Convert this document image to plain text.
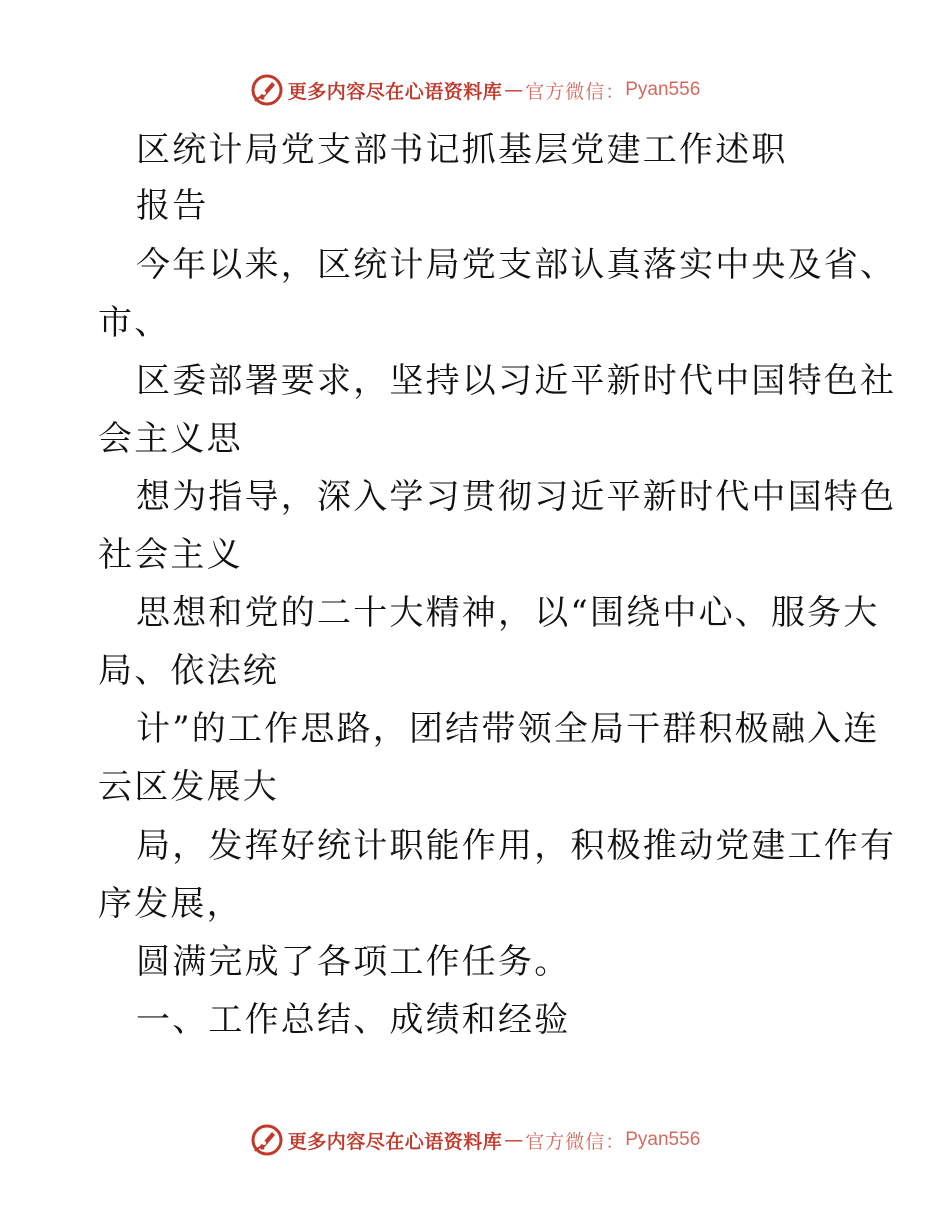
更多内容尽在心语资料库 — 官方微信： Pyan556
区统计局党支部书记抓基层党建工作述职
报告
今年以来，区统计局党支部认真落实中央及省、
市、
区委部署要求，坚持以习近平新时代中国特色社
会主义思
想为指导，深入学习贯彻习近平新时代中国特色
社会主义
思想和党的二十大精神，以“围绕中心、服务大
局、依法统
计”的工作思路，团结带领全局干群积极融入连
云区发展大
局，发挥好统计职能作用，积极推动党建工作有
序发展，
圆满完成了各项工作任务。
一、工作总结、成绩和经验
更多内容尽在心语资料库 — 官方微信： Pyan556
